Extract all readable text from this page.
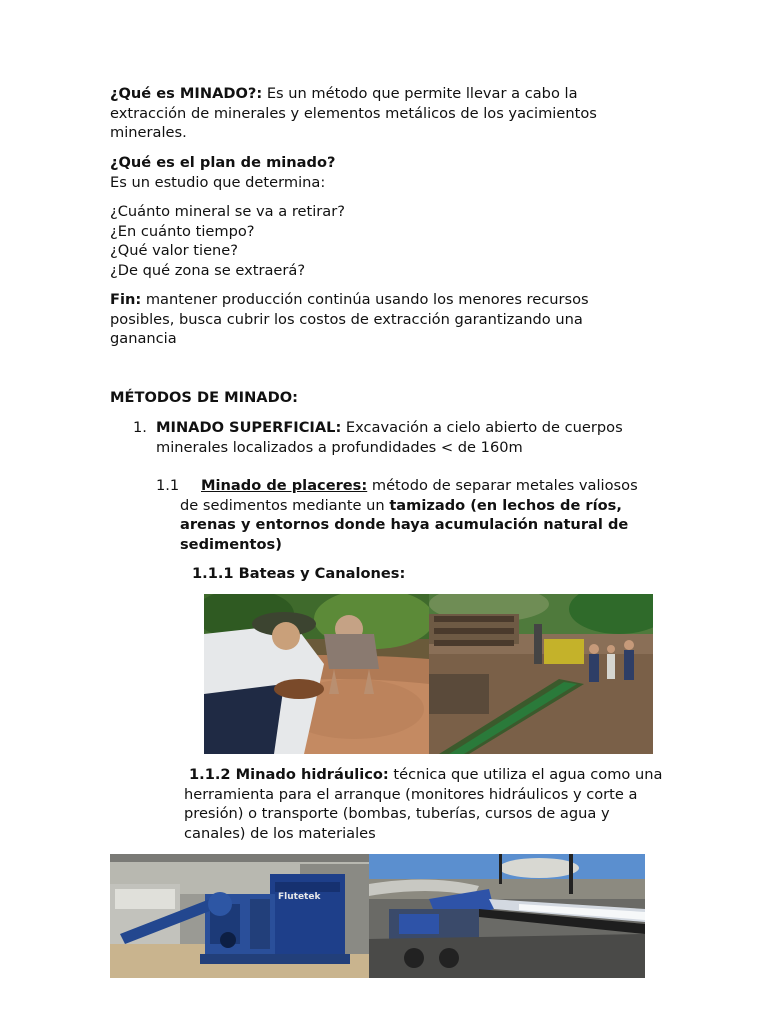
¿Qué es MINADO?: Es un método que permite llevar a cabo la extracción de minerales y elementos metálicos de los yacimientos minerales.

¿Qué es el plan de minado?
Es un estudio que determina:

¿Cuánto mineral se va a retirar?
¿En cuánto tiempo?
¿Qué valor tiene?
¿De qué zona se extraerá?

Fin: mantener producción continúa usando los menores recursos posibles, busca cubrir los costos de extracción garantizando una ganancia

MÉTODOS DE MINADO:

1. MINADO SUPERFICIAL: Excavación a cielo abierto de cuerpos minerales localizados a profundidades < de 160m

1.1	Minado de placeres: método de separar metales valiosos de sedimentos mediante un tamizado (en lechos de ríos, arenas y entornos donde haya acumulación natural de sedimentos)

1.1.1 Bateas y Canalones:

1.1.2 Minado hidráulico: técnica que utiliza el agua como una herramienta para el arranque (monitores hidráulicos y corte a presión) o transporte (bombas, tuberías, cursos de agua y canales) de los materiales

Flutetek
